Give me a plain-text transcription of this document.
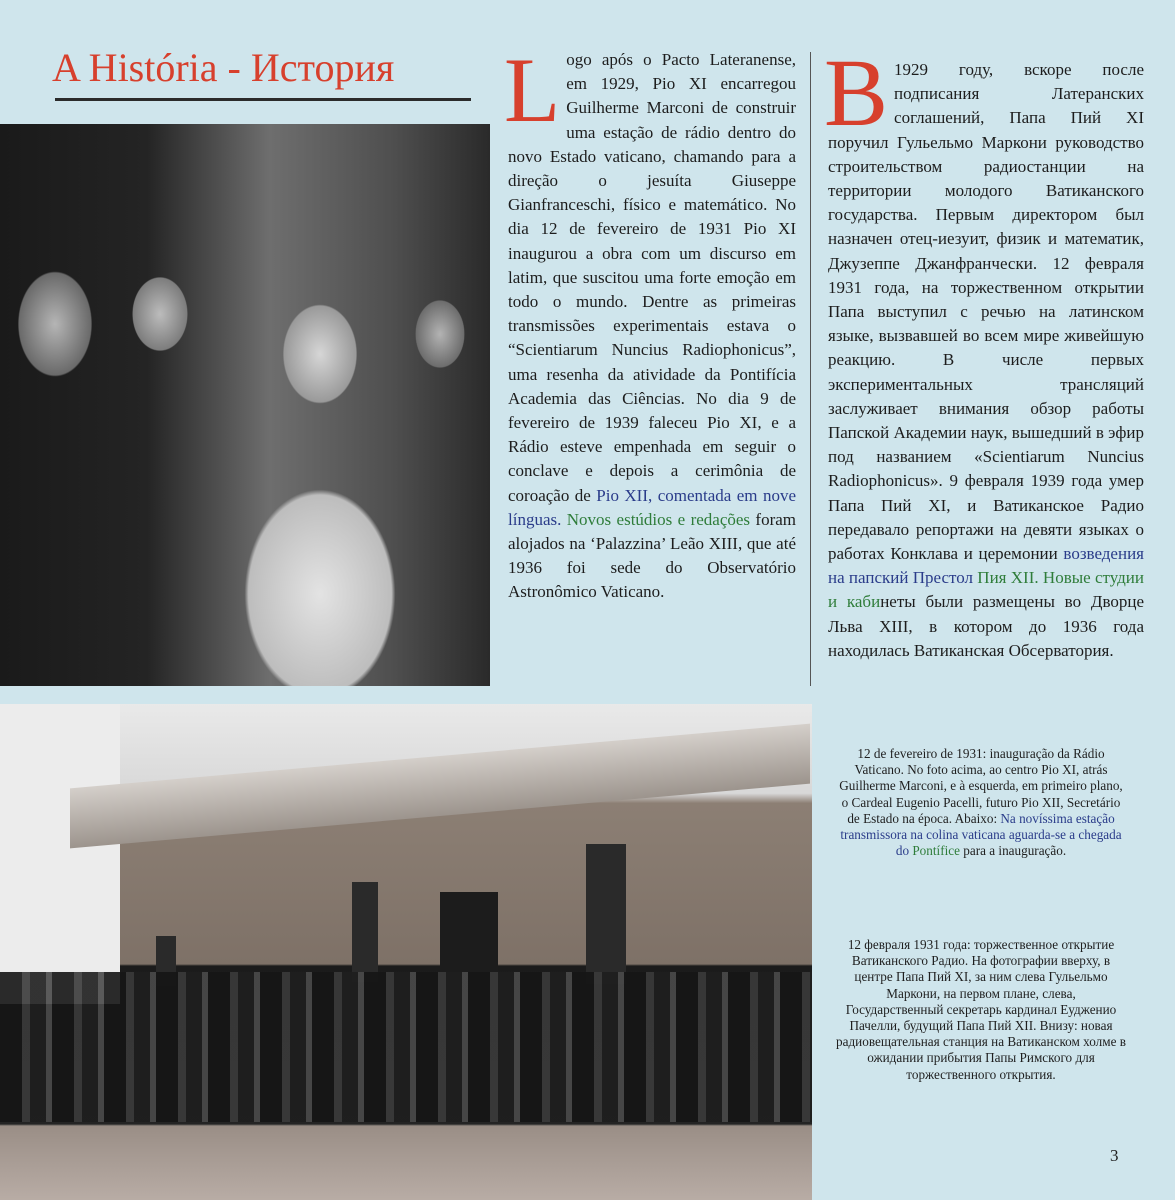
A História - История	Logo após o Pacto Lateranense, em 1929, Pio XI encarregou Guilherme Marconi de construir uma estação de rádio dentro do novo Estado vaticano, chamando para a direção o jesuíta Giuseppe Gianfranceschi, físico e matemático. No dia 12 de fevereiro de 1931 Pio XI inaugurou a obra com um discurso em latim, que suscitou uma forte emoção em todo o mundo. Dentre as primeiras transmissões experimentais estava o “Scientiarum Nuncius Radiophonicus”, uma resenha da atividade da Pontifícia Academia das Ciências. No dia 9 de fevereiro de 1939 faleceu Pio XI, e a Rádio esteve empenhada em seguir o conclave e depois a cerimônia de coroação de Pio XII, comentada em nove línguas. Novos estúdios e redações foram alojados na ‘Palazzina’ Leão XIII, que até 1936 foi sede do Observatório Astronômico Vaticano.

В 1929 году, вскоре после подписания Латеранских соглашений, Папа Пий XI поручил Гульельмо Маркони руководство строительством радиостанции на территории молодого Ватиканского государства. Первым директором был назначен отец-иезуит, физик и математик, Джузеппе Джанфранчески. 12 февраля 1931 года, на торжественном открытии Папа выступил с речью на латинском языке, вызвавшей во всем мире живейшую реакцию. В числе первых экспериментальных трансляций заслуживает внимания обзор работы Папской Академии наук, вышедший в эфир под названием «Scientiarum Nuncius Radiophonicus». 9 февраля 1939 года умер Папа Пий XI, и Ватиканское Радио передавало репортажи на девяти языках о работах Конклава и церемонии возведения на папский Престол Пия XII. Новые студии и кабинеты были размещены во Дворце Льва XIII, в котором до 1936 года находилась Ватиканская Обсерватория.

12 de fevereiro de 1931: inauguração da Rádio Vaticano. No foto acima, ao centro Pio XI, atrás Guilherme Marconi, e à esquerda, em primeiro plano, o Cardeal Eugenio Pacelli, futuro Pio XII, Secretário de Estado na época. Abaixo: Na novíssima estação transmissora na colina vaticana aguarda-se a chegada do Pontífice para a inauguração.
12 февраля 1931 года: торжественное открытие Ватиканского Радио. На фотографии вверху, в центре Папа Пий XI, за ним слева Гульельмо Маркони, на первом плане, слева, Государственный секретарь кардинал Еудженио Пачелли, будущий Папа Пий XII. Внизу: новая радиовещательная станция на Ватиканском холме в ожидании прибытия Папы Римского для торжественного открытия.
3
